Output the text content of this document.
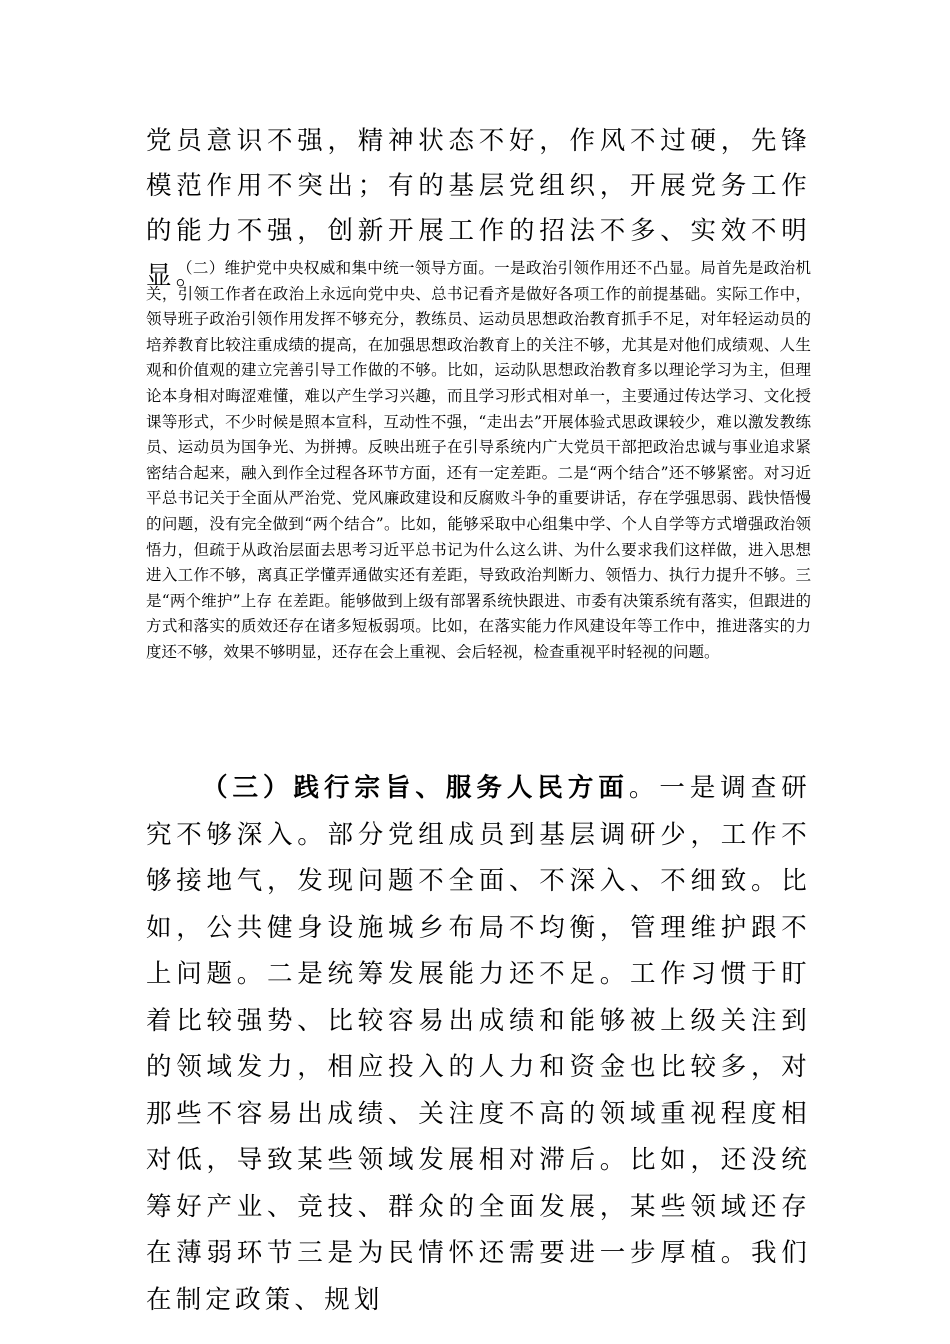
党员意识不强，精神状态不好，作风不过硬，先锋模范作用不突出；有的基层党组织，开展党务工作的能力不强，创新开展工作的招法不多、实效不明显。

（二）维护党中央权威和集中统一领导方面。一是政治引领作用还不凸显。局首先是政治机关，引领工作者在政治上永远向党中央、总书记看齐是做好各项工作的前提基础。实际工作中，领导班子政治引领作用发挥不够充分，教练员、运动员思想政治教育抓手不足，对年轻运动员的培养教育比较注重成绩的提高，在加强思想政治教育上的关注不够，尤其是对他们成绩观、人生观和价值观的建立完善引导工作做的不够。比如，运动队思想政治教育多以理论学习为主，但理论本身相对晦涩难懂，难以产生学习兴趣，而且学习形式相对单一，主要通过传达学习、文化授课等形式，不少时候是照本宣科，互动性不强，“走出去”开展体验式思政课较少，难以激发教练员、运动员为国争光、为拼搏。反映出班子在引导系统内广大党员干部把政治忠诚与事业追求紧密结合起来，融入到作全过程各环节方面，还有一定差距。二是“两个结合”还不够紧密。对习近平总书记关于全面从严治党、党风廉政建设和反腐败斗争的重要讲话，存在学强思弱、践快悟慢的问题，没有完全做到“两个结合”。比如，能够采取中心组集中学、个人自学等方式增强政治领悟力，但疏于从政治层面去思考习近平总书记为什么这么讲、为什么要求我们这样做，进入思想进入工作不够，离真正学懂弄通做实还有差距，导致政治判断力、领悟力、执行力提升不够。三是“两个维护”上存 在差距。能够做到上级有部署系统快跟进、市委有决策系统有落实，但跟进的方式和落实的质效还存在诸多短板弱项。比如，在落实能力作风建设年等工作中，推进落实的力度还不够，效果不够明显，还存在会上重视、会后轻视，检查重视平时轻视的问题。

（三）践行宗旨、服务人民方面。一是调查研究不够深入。部分党组成员到基层调研少，工作不够接地气，发现问题不全面、不深入、不细致。比如，公共健身设施城乡布局不均衡，管理维护跟不上问题。二是统筹发展能力还不足。工作习惯于盯着比较强势、比较容易出成绩和能够被上级关注到的领域发力，相应投入的人力和资金也比较多，对那些不容易出成绩、关注度不高的领域重视程度相对低，导致某些领域发展相对滞后。比如，还没统筹好产业、竞技、群众的全面发展，某些领域还存在薄弱环节三是为民情怀还需要进一步厚植。我们在制定政策、规划
